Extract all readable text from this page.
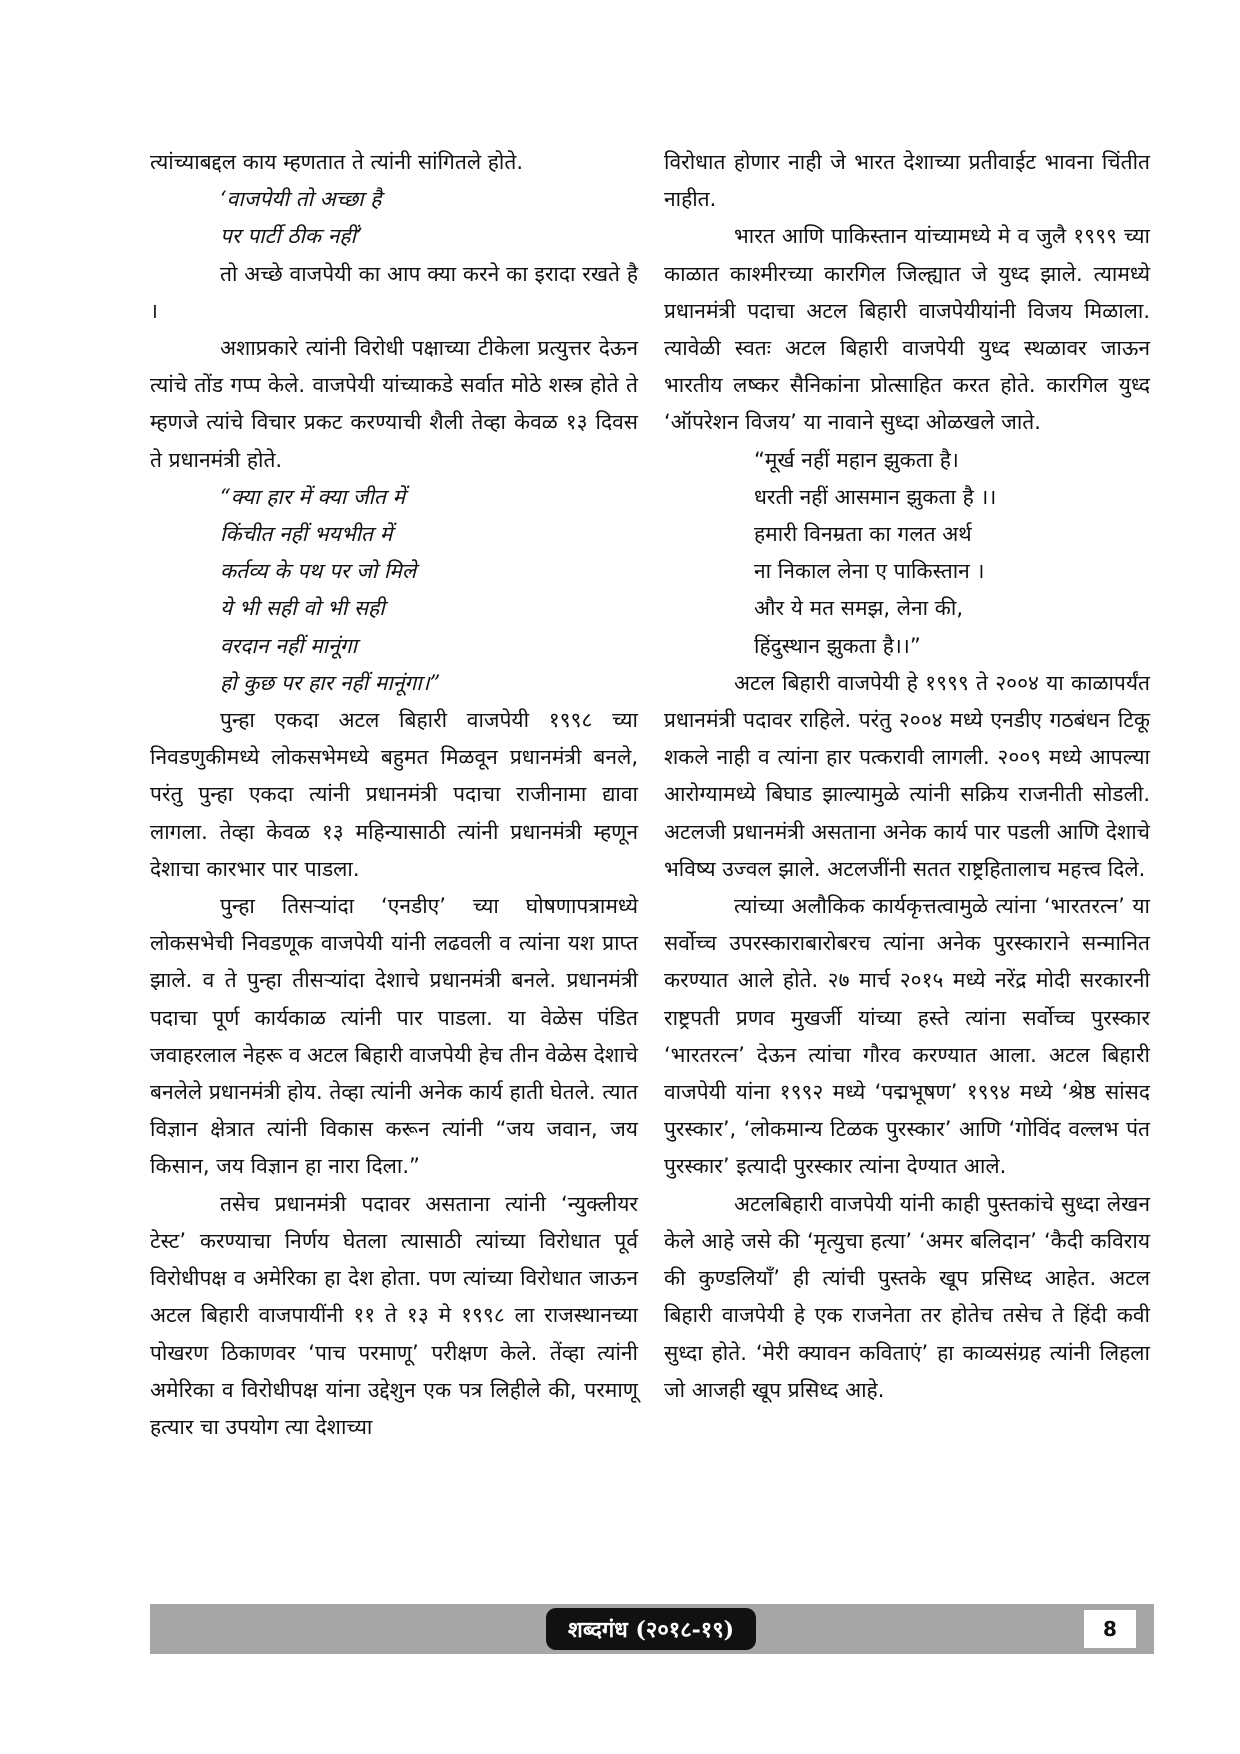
त्यांच्याबद्दल काय म्हणतात ते त्यांनी सांगितले होते.

‘वाजपेयी तो अच्छा है
पर पार्टी ठीक नहीं’

तो अच्छे वाजपेयी का आप क्या करने का इरादा रखते है ।

अशाप्रकारे त्यांनी विरोधी पक्षाच्या टीकेला प्रत्युत्तर देऊन त्यांचे तोंड गप्प केले. वाजपेयी यांच्याकडे सर्वात मोठे शस्त्र होते ते म्हणजे त्यांचे विचार प्रकट करण्याची शैली तेव्हा केवळ १३ दिवस ते प्रधानमंत्री होते.

“क्या हार में क्या जीत में
किंचीत नहीं भयभीत में
कर्तव्य के पथ पर जो मिले
ये भी सही वो भी सही
वरदान नहीं मानूंगा
हो कुछ पर हार नहीं मानूंगा।”

पुन्हा एकदा अटल बिहारी वाजपेयी १९९८ च्या निवडणुकीमध्ये लोकसभेमध्ये बहुमत मिळवून प्रधानमंत्री बनले, परंतु पुन्हा एकदा त्यांनी प्रधानमंत्री पदाचा राजीनामा द्यावा लागला. तेव्हा केवळ १३ महिन्यासाठी त्यांनी प्रधानमंत्री म्हणून देशाचा कारभार पार पाडला.

पुन्हा तिसऱ्यांदा ‘एनडीए’ च्या घोषणापत्रामध्ये लोकसभेची निवडणूक वाजपेयी यांनी लढवली व त्यांना यश प्राप्त झाले. व ते पुन्हा तीसऱ्यांदा देशाचे प्रधानमंत्री बनले. प्रधानमंत्री पदाचा पूर्ण कार्यकाळ त्यांनी पार पाडला. या वेळेस पंडित जवाहरलाल नेहरू व अटल बिहारी वाजपेयी हेच तीन वेळेस देशाचे बनलेले प्रधानमंत्री होय. तेव्हा त्यांनी अनेक कार्य हाती घेतले. त्यात विज्ञान क्षेत्रात त्यांनी विकास करून त्यांनी “जय जवान, जय किसान, जय विज्ञान हा नारा दिला.”

तसेच प्रधानमंत्री पदावर असताना त्यांनी ‘न्युक्लीयर टेस्ट’ करण्याचा निर्णय घेतला त्यासाठी त्यांच्या विरोधात पूर्व विरोधीपक्ष व अमेरिका हा देश होता. पण त्यांच्या विरोधात जाऊन अटल बिहारी वाजपायींनी ११ ते १३ मे १९९८ ला राजस्थानच्या पोखरण ठिकाणवर ‘पाच परमाणू’ परीक्षण केले. तेंव्हा त्यांनी अमेरिका व विरोधीपक्ष यांना उद्देशुन एक पत्र लिहीले की, परमाणू हत्यार चा उपयोग त्या देशाच्या

विरोधात होणार नाही जे भारत देशाच्या प्रतीवाईट भावना चिंतीत नाहीत.

भारत आणि पाकिस्तान यांच्यामध्ये मे व जुलै १९९९ च्या काळात काश्मीरच्या कारगिल जिल्ह्यात जे युध्द झाले. त्यामध्ये प्रधानमंत्री पदाचा अटल बिहारी वाजपेयीयांनी विजय मिळाला. त्यावेळी स्वतः अटल बिहारी वाजपेयी युध्द स्थळावर जाऊन भारतीय लष्कर सैनिकांना प्रोत्साहित करत होते. कारगिल युध्द ‘ऑपरेशन विजय’ या नावाने सुध्दा ओळखले जाते.

“मूर्ख नहीं महान झुकता है।
धरती नहीं आसमान झुकता है ।।
हमारी विनम्रता का गलत अर्थ
ना निकाल लेना ए पाकिस्तान ।
और ये मत समझ, लेना की,
हिंदुस्थान झुकता है।।”

अटल बिहारी वाजपेयी हे १९९९ ते २००४ या काळापर्यंत प्रधानमंत्री पदावर राहिले. परंतु २००४ मध्ये एनडीए गठबंधन टिकू शकले नाही व त्यांना हार पत्करावी लागली. २००९ मध्ये आपल्या आरोग्यामध्ये बिघाड झाल्यामुळे त्यांनी सक्रिय राजनीती सोडली. अटलजी प्रधानमंत्री असताना अनेक कार्य पार पडली आणि देशाचे भविष्य उज्वल झाले. अटलजींनी सतत राष्ट्रहितालाच महत्त्व दिले.

त्यांच्या अलौकिक कार्यकृत्तत्वामुळे त्यांना ‘भारतरत्न’ या सर्वोच्च उपरस्काराबारोबरच त्यांना अनेक पुरस्काराने सन्मानित करण्यात आले होते. २७ मार्च २०१५ मध्ये नरेंद्र मोदी सरकारनी राष्ट्रपती प्रणव मुखर्जी यांच्या हस्ते त्यांना सर्वोच्च पुरस्कार ‘भारतरत्न’ देऊन त्यांचा गौरव करण्यात आला. अटल बिहारी वाजपेयी यांना १९९२ मध्ये ‘पद्मभूषण’ १९९४ मध्ये ‘श्रेष्ठ सांसद पुरस्कार’, ‘लोकमान्य टिळक पुरस्कार’ आणि ‘गोविंद वल्लभ पंत पुरस्कार’ इत्यादी पुरस्कार त्यांना देण्यात आले.

अटलबिहारी वाजपेयी यांनी काही पुस्तकांचे सुध्दा लेखन केले आहे जसे की ‘मृत्युचा हत्या’ ‘अमर बलिदान’ ‘कैदी कविराय की कुण्डलियाँ’ ही त्यांची पुस्तके खूप प्रसिध्द आहेत. अटल बिहारी वाजपेयी हे एक राजनेता तर होतेच तसेच ते हिंदी कवी सुध्दा होते. ‘मेरी क्यावन कविताएं’ हा काव्यसंग्रह त्यांनी लिहला जो आजही खूप प्रसिध्द आहे.

शब्दगंध (२०१८-१९)	8
